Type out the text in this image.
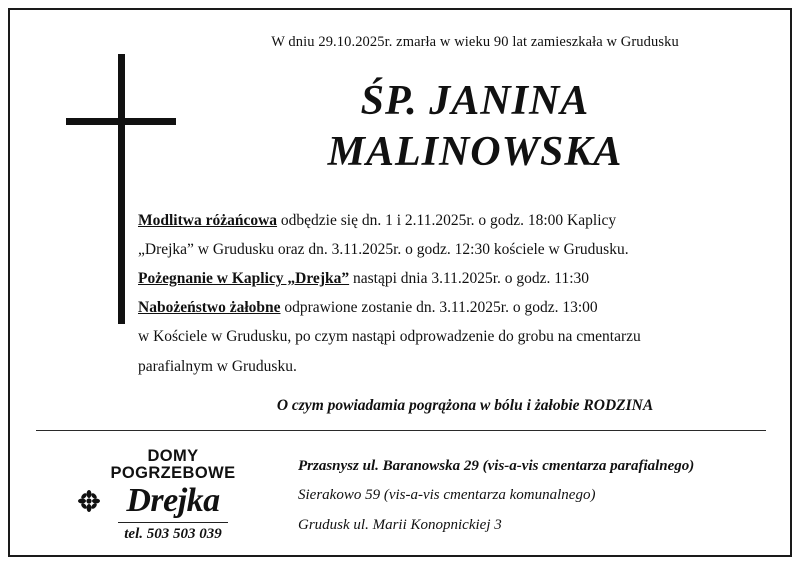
W dniu 29.10.2025r. zmarła w wieku 90 lat zamieszkała w Grudusku
ŚP. JANINA
MALINOWSKA

Modlitwa różańcowa odbędzie się dn. 1 i 2.11.2025r. o godz. 18:00 Kaplicy

„Drejka” w Grudusku oraz dn. 3.11.2025r. o godz. 12:30 kościele w Grudusku.

Pożegnanie w Kaplicy „Drejka” nastąpi dnia 3.11.2025r. o godz. 11:30

Nabożeństwo żałobne odprawione zostanie dn. 3.11.2025r. o godz. 13:00

w Kościele w Grudusku, po czym nastąpi odprowadzenie do grobu na cmentarzu

parafialnym w Grudusku.

O czym powiadamia pogrążona w bólu i żałobie RODZINA
DOMY
POGRZEBOWE
Drejka
tel. 503 503 039
Przasnysz ul. Baranowska 29 (vis-a-vis cmentarza parafialnego)
Sierakowo 59 (vis-a-vis cmentarza komunalnego)
Grudusk ul. Marii Konopnickiej 3
